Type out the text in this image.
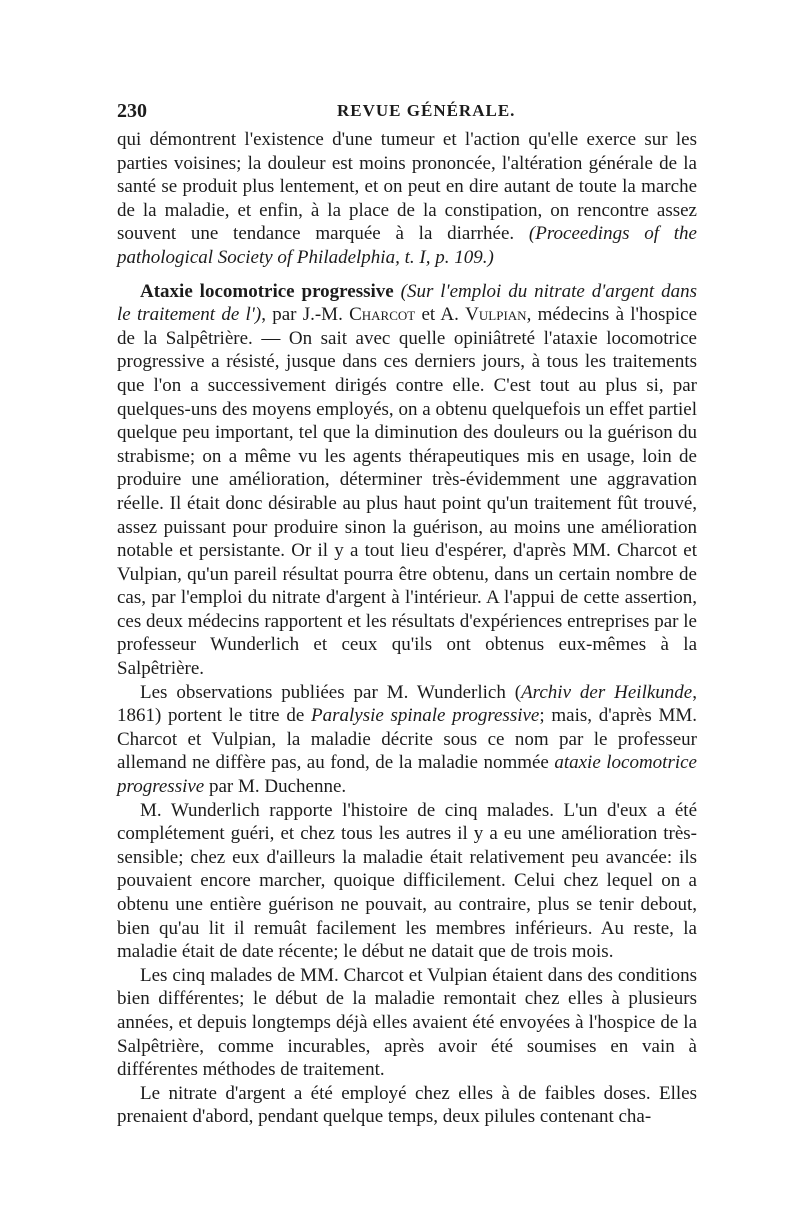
230	REVUE GÉNÉRALE.

qui démontrent l'existence d'une tumeur et l'action qu'elle exerce sur les parties voisines; la douleur est moins prononcée, l'altération générale de la santé se produit plus lentement, et on peut en dire autant de toute la marche de la maladie, et enfin, à la place de la constipation, on rencontre assez souvent une tendance marquée à la diarrhée. (Proceedings of the pathological Society of Philadelphia, t. I, p. 109.)

Ataxie locomotrice progressive (Sur l'emploi du nitrate d'argent dans le traitement de l'), par J.-M. Charcot et A. Vulpian, médecins à l'hospice de la Salpêtrière. — On sait avec quelle opiniâtreté l'ataxie locomotrice progressive a résisté, jusque dans ces derniers jours, à tous les traitements que l'on a successivement dirigés contre elle. C'est tout au plus si, par quelques-uns des moyens employés, on a obtenu quelquefois un effet partiel quelque peu important, tel que la diminution des douleurs ou la guérison du strabisme; on a même vu les agents thérapeutiques mis en usage, loin de produire une amélioration, déterminer très-évidemment une aggravation réelle. Il était donc désirable au plus haut point qu'un traitement fût trouvé, assez puissant pour produire sinon la guérison, au moins une amélioration notable et persistante. Or il y a tout lieu d'espérer, d'après MM. Charcot et Vulpian, qu'un pareil résultat pourra être obtenu, dans un certain nombre de cas, par l'emploi du nitrate d'argent à l'intérieur. A l'appui de cette assertion, ces deux médecins rapportent et les résultats d'expériences entreprises par le professeur Wunderlich et ceux qu'ils ont obtenus eux-mêmes à la Salpêtrière.

Les observations publiées par M. Wunderlich (Archiv der Heilkunde, 1861) portent le titre de Paralysie spinale progressive; mais, d'après MM. Charcot et Vulpian, la maladie décrite sous ce nom par le professeur allemand ne diffère pas, au fond, de la maladie nommée ataxie locomotrice progressive par M. Duchenne.

M. Wunderlich rapporte l'histoire de cinq malades. L'un d'eux a été complétement guéri, et chez tous les autres il y a eu une amélioration très-sensible; chez eux d'ailleurs la maladie était relativement peu avancée: ils pouvaient encore marcher, quoique difficilement. Celui chez lequel on a obtenu une entière guérison ne pouvait, au contraire, plus se tenir debout, bien qu'au lit il remuât facilement les membres inférieurs. Au reste, la maladie était de date récente; le début ne datait que de trois mois.

Les cinq malades de MM. Charcot et Vulpian étaient dans des conditions bien différentes; le début de la maladie remontait chez elles à plusieurs années, et depuis longtemps déjà elles avaient été envoyées à l'hospice de la Salpêtrière, comme incurables, après avoir été soumises en vain à différentes méthodes de traitement.

Le nitrate d'argent a été employé chez elles à de faibles doses. Elles prenaient d'abord, pendant quelque temps, deux pilules contenant cha-
